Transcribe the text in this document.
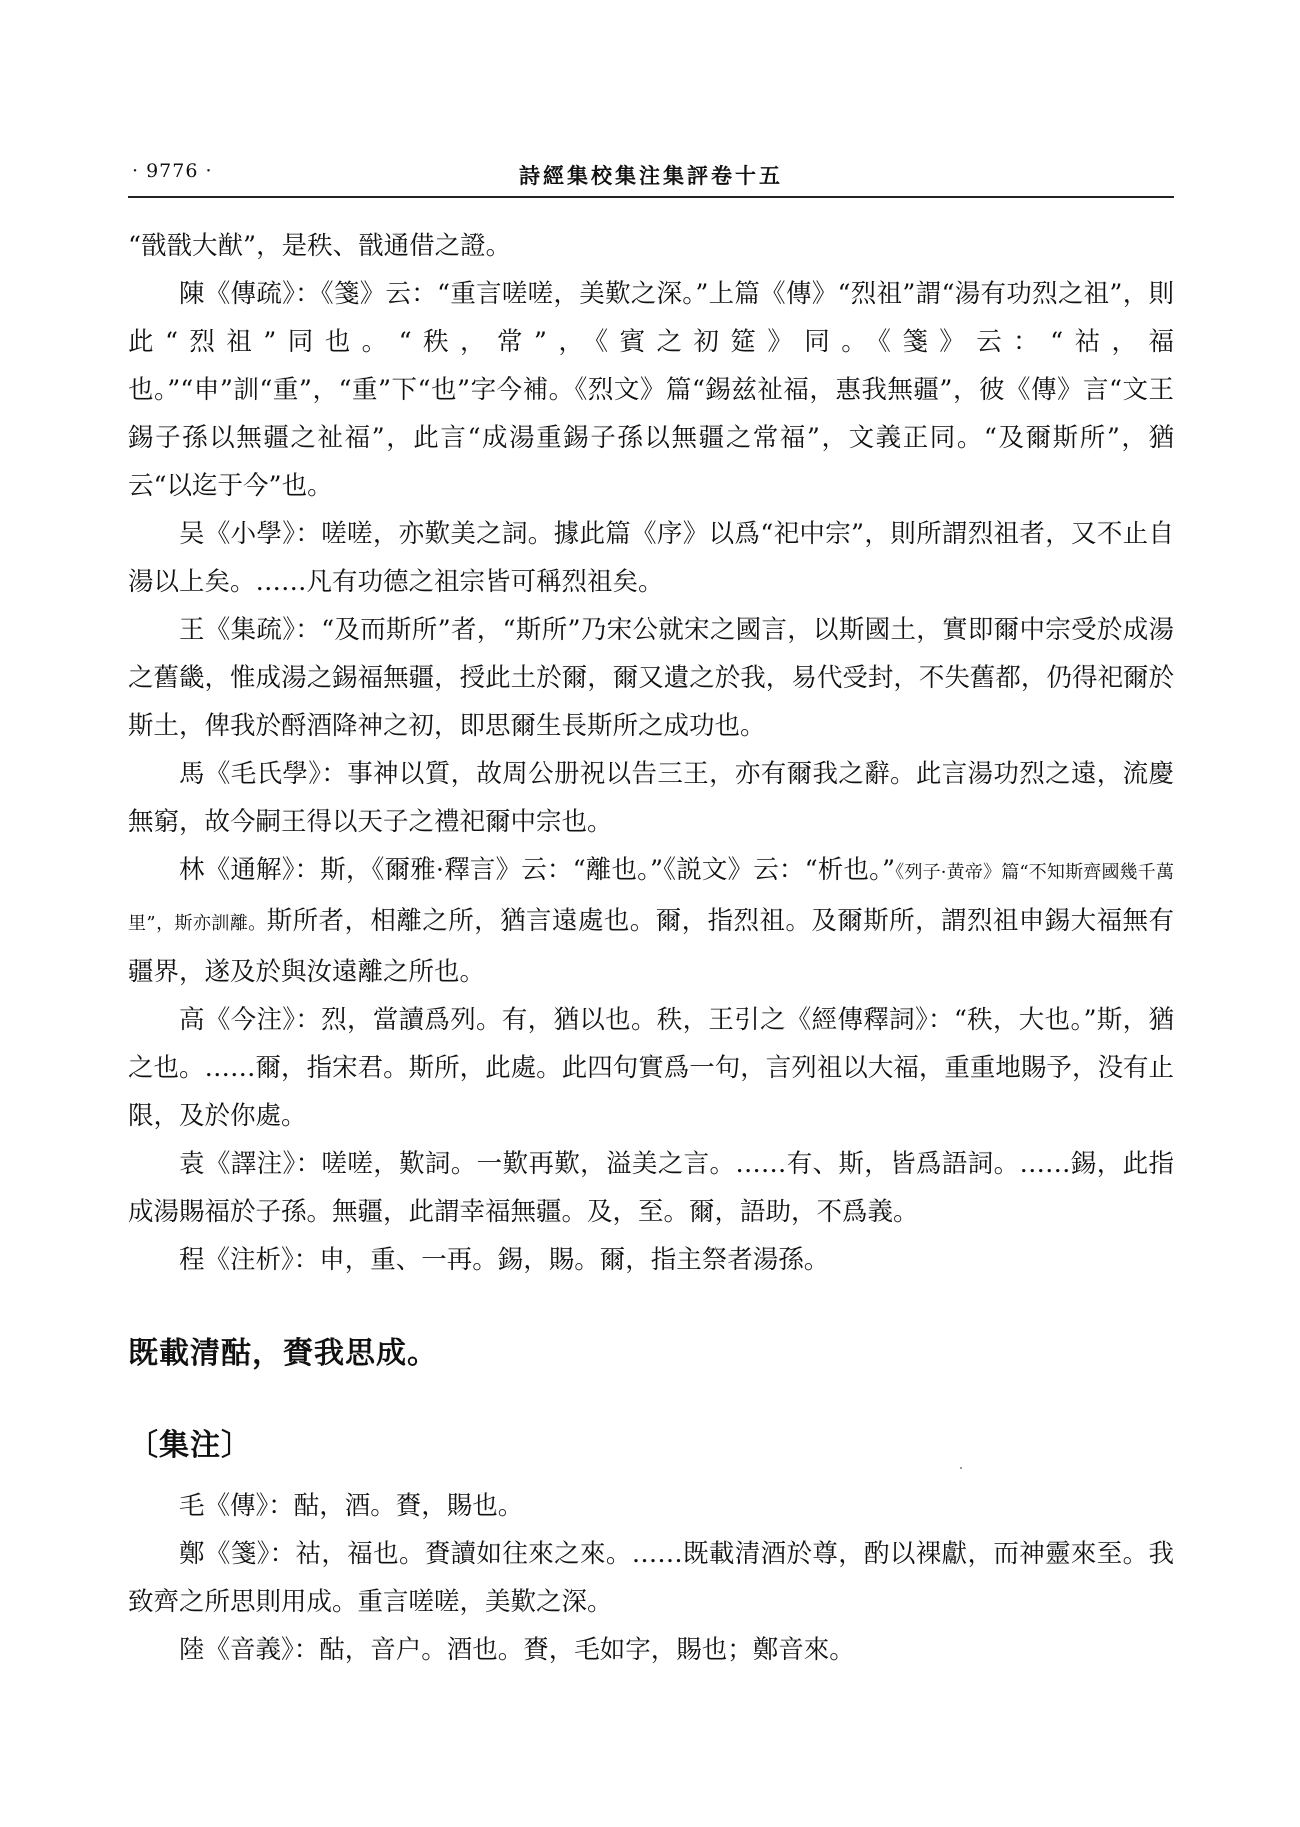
· 9776 ·	詩經集校集注集評卷十五

“戩戩大猷”，是秩、戩通借之證。

陳《傳疏》：《箋》云：“重言嗟嗟，美歎之深。”上篇《傳》“烈祖”謂“湯有功烈之祖”，則此“烈祖”同也。“秩，常”，《賓之初筵》同。《箋》云：“祜，福也。”“申”訓“重”，“重”下“也”字今補。《烈文》篇“錫兹祉福，惠我無疆”，彼《傳》言“文王錫子孫以無疆之祉福”，此言“成湯重錫子孫以無疆之常福”，文義正同。“及爾斯所”，猶云“以迄于今”也。

吴《小學》：嗟嗟，亦歎美之詞。據此篇《序》以爲“祀中宗”，則所謂烈祖者，又不止自湯以上矣。……凡有功德之祖宗皆可稱烈祖矣。

王《集疏》：“及而斯所”者，“斯所”乃宋公就宋之國言，以斯國土，實即爾中宗受於成湯之舊畿，惟成湯之錫福無疆，授此土於爾，爾又遺之於我，易代受封，不失舊都，仍得祀爾於斯土，俾我於酹酒降神之初，即思爾生長斯所之成功也。

馬《毛氏學》：事神以質，故周公册祝以告三王，亦有爾我之辭。此言湯功烈之遠，流慶無窮，故今嗣王得以天子之禮祀爾中宗也。

林《通解》：斯，《爾雅·釋言》云：“離也。”《説文》云：“析也。”《列子·黄帝》篇“不知斯齊國幾千萬里”，斯亦訓離。斯所者，相離之所，猶言遠處也。爾，指烈祖。及爾斯所，謂烈祖申錫大福無有疆界，遂及於與汝遠離之所也。

高《今注》：烈，當讀爲列。有，猶以也。秩，王引之《經傳釋詞》：“秩，大也。”斯，猶之也。……爾，指宋君。斯所，此處。此四句實爲一句，言列祖以大福，重重地賜予，没有止限，及於你處。

袁《譯注》：嗟嗟，歎詞。一歎再歎，溢美之言。……有、斯，皆爲語詞。……錫，此指成湯賜福於子孫。無疆，此謂幸福無疆。及，至。爾，語助，不爲義。

程《注析》：申，重、一再。錫，賜。爾，指主祭者湯孫。

既載清酤，賚我思成。
〔集注〕

毛《傳》：酤，酒。賚，賜也。

鄭《箋》：祜，福也。賚讀如往來之來。……既載清酒於尊，酌以裸獻，而神靈來至。我致齊之所思則用成。重言嗟嗟，美歎之深。

陸《音義》：酤，音户。酒也。賚，毛如字，賜也；鄭音來。
